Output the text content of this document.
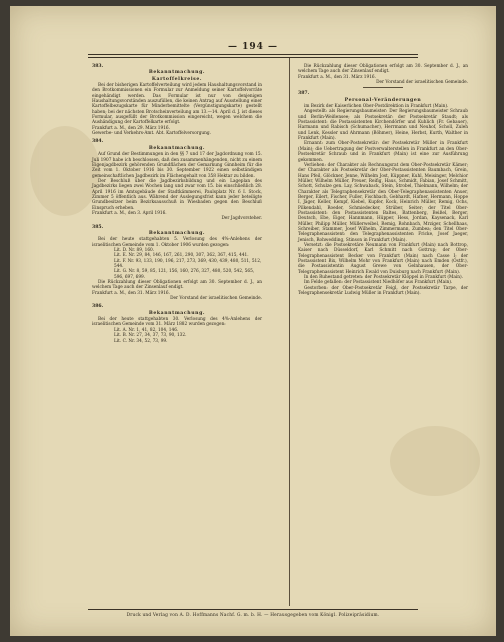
— 194 —
383.
Bekanntmachung.
Kartoffelkreise.
Bei der bisherigen Kartoffelverteilung wird jedem Haushaltungsvorstand in den Brotkommissionen ein Formular zur Anmeldung seiner Kartoffelvorräte eingehändigt werden. Das Formular ist nur von denjenigen Haushaltungsvorständen auszufüllen, die keinen Antrag auf Ausstellung einer Kartoffelbezugskarte für Minderbemittelte (Vergünstigungskarte) gestellt haben; bei der nächsten Brotscheinverteilung am 13.—14. April d. J. ist dieses Formular, ausgefüllt der Brotkommission eingereicht, wegen welchem die Aushändigung der Kartoffelkarte erfolgt.
Frankfurt a. M., den 29. März 1916.
Gewerbe- und Verkehrs-Amt. Abt. Kartoffelversorgung.
384.
Bekanntmachung.
Auf Grund der Bestimmungen in den §§ 7 und 17 der Jagdordnung vom 15. Juli 1907 habe ich beschlossen, daß den zusammenhängenden, nicht zu einem Eigenjagdbezirk gehörenden Grundflächen der Gemarkung Ginnheim für die Zeit vom 1. Oktober 1916 bis 30. September 1922 einen selbständigen gemeinschaftlichen Jagdbezirk im Flächengehalt von 358 Hektar zu bilden.
Der Beschluß über die Jagdbezirksbildung und ein Lageplan des Jagdbezirks liegen zwei Wochen lang und zwar vom 15. bis einschließlich 28. April 1916 im Amtsgebäude der Stadtkämmerei, Paulsplatz Nr. 6 I. Stock, Zimmer 5 öffentlich aus. Während der Auslegungsfrist kann jeder beteiligte Grundbesitzer beim Bezirksausschuß in Wiesbaden gegen den Beschluß Einspruch erheben.
Frankfurt a. M., den 3. April 1916.
Der Jagdvorsteher.
385.
Bekanntmachung.
Bei der heute stattgehabten 5. Verlosung des 4%-Anlehens der israelitischen Gemeinde vom 1. Oktober 1906 wurden gezogen:
Lit. D. Nr. 89, 160.
Lit. E. Nr. 29, 84, 146, 167, 261, 290, 307, 362, 367, 415, 441.
Lit. F. Nr. 93, 133, 190, 196, 217, 273, 369, 430, 439, 480, 511, 512, 544.
Lit. G. Nr. 8, 59, 85, 121, 156, 160, 276, 327, 480, 520, 542, 565, 596, 697, 699.
Die Rückzahlung dieser Obligationen erfolgt am 30. September d. J., an welchem Tage auch der Zinsenlauf endigt.
Frankfurt a. M., den 31. März 1916.
Der Vorstand der israelitischen Gemeinde.
386.
Bekanntmachung.
Bei der heute stattgehabten 30. Verlosung des 4%-Anlehens der israelitischen Gemeinde vom 31. März 1882 wurden gezogen:
Lit. A. Nr. 1, 41, 82, 104, 146.
Lit. B. Nr. 27, 34, 37, 73, 90, 132.
Lit. C. Nr. 34, 52, 73, 99.
Die Rückzahlung dieser Obligationen erfolgt am 30. September d. J., an welchem Tage auch der Zinsenlauf endigt.
Frankfurt a. M., den 31. März 1916.
Der Vorstand der israelitischen Gemeinde.
387.
Personal-Veränderungen
im Bezirk der Kaiserlichen Ober-Postdirektion in Frankfurt (Main).
Angestellt: als Regierungsbaumeister: Der Regierungsbaumeister Schraub und Berlin-Weißensee; als Postsekretär: der Postsekretär Staudt; als Postassistent: die Postassistenten Kirchendörfer und Kuhlich (Fr. Gebauer), Harmann und Rabisch (Schumacher), Herrmann und Neuhof, Scholl, Zuleh und Lenk, Kessler und Ahrmann (Böhmer), Heine, Herbst, Kurth, Walther in Frankfurt (Main).
Ernannt: zum Ober-Postsekretär: der Postsekretär Müller in Frankfurt (Main); die Uebertragung der Postverwalterstellen in Frankfurt an den Ober-Postsekretär Schraub und in Frankfurt (Main) ist eine zur Ausführung gekommen.
Verliehen: der Charakter als Rechnungsrat dem Ober-Postsekretär Kämer; der Charakter als Postsekretär der Ober-Postassistenten Baumbach, Grein, Hans Pfeil, Glöckner, Jenne, Wilhelm Jost, Küppner, Kuhl, Meisinger, Melchior Müller, Wilhelm Müller, Preuer, Reifig, Haus, Schmidt, Fabian, Josef Schmitt, Schott, Schulze gen. Lay, Schwaback, Stein, Strobel, Thielmann, Wilhelm; der Charakter als Telegraphensekretär den Ober-Telegraphenassistenten Anuer, Berger, Eilert, Fischer, Fuller, Fischbach, Gebhardt, Hafner, Hermann, Hoppe I, Jäger, Keller, Kempf, Kiebel, Kupfer, Kock, Heinrich Müller, Remig, Ochs, Pilkendahl, Roeder, Schmiedecker, Strüber, Seiter; der Titel Ober-Postassistent: den Postassistenten Baltes, Battenberg, Beißel, Berger, Deutsch, Ebe, Eiger, Hannmann, Hüpper, Hess, Jordan, Kaysenack, Karl Müller, Philipp Müller, Müllerweibel, Remig, Rohnbach, Mrziger, Schellhaas, Schreiber, Stammer, Josef Wilhelm, Zimmermann, Zumbea; den Titel Ober-Telegraphenassistent: den Telegraphenassistenten Fricke, Josef Jaeger, Jenisch, Rohwedding, Stinson in Frankfurt (Main).
Versetzt: die Postsekretäre Neumann von Frankfurt (Main) nach Bottrop, Kaiser nach Düsseldorf, Karl Schmitt nach Gottrup; der Ober-Telegraphenassistent Becker von Frankfurt (Main) nach Casse I; der Postassistent Bix, Wilhelm Mohr von Frankfurt (Main) nach Emden (Ostfr.), die Postassistentin August Grewe von Gelnhausen, der Ober-Telegraphenassistent Heinrich Ewald von Duisburg nach Frankfurt (Main).
In den Ruhestand getreten: der Postsekretär Klöppel in Frankfurt (Main).
Im Felde gefallen: der Postassistent Niedhöfer aus Frankfurt (Main).
Gestorben: der Ober-Postsekretär Feigl, der Postsekretär Tarpe, der Telegraphensekretär Ludwig Müller in Frankfurt (Main).
Druck und Verlag von A. D. Hoffmanns Nachf. G. m. b. H. — Herausgegeben vom Königl. Polizeipräsidium.
